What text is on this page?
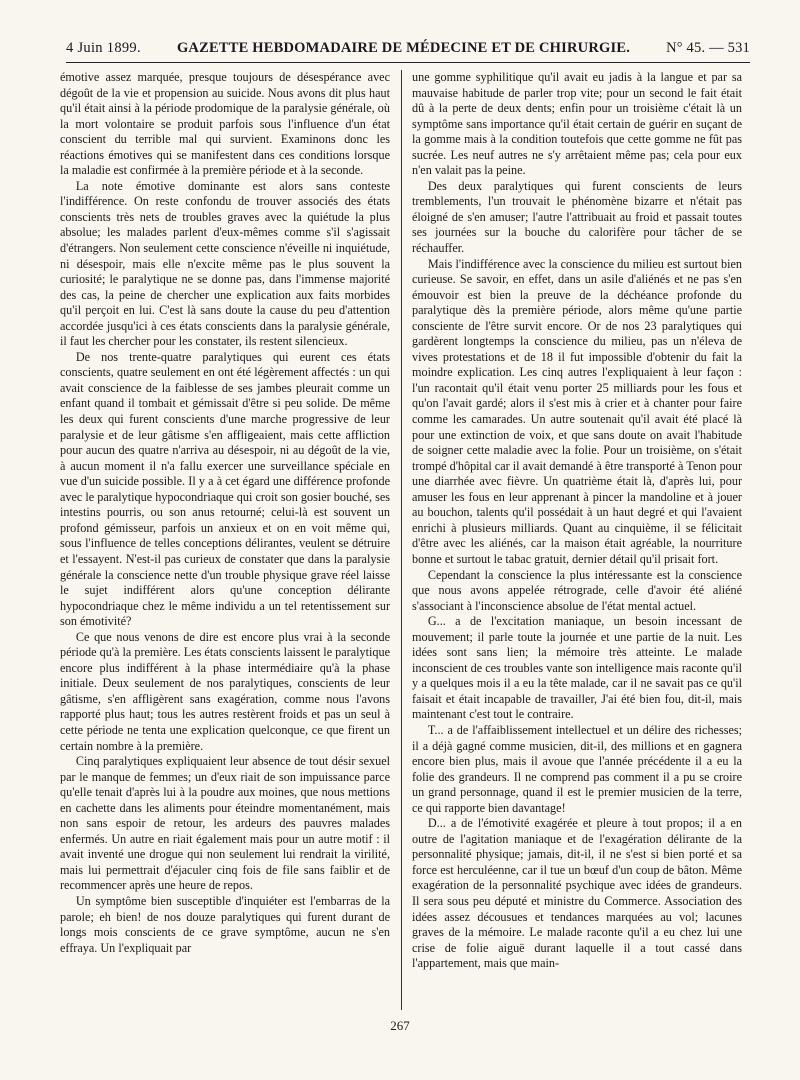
4 Juin 1899. GAZETTE HEBDOMADAIRE DE MÉDECINE ET DE CHIRURGIE. N° 45. — 531

émotive assez marquée, presque toujours de désespérance avec dégoût de la vie et propension au suicide. Nous avons dit plus haut qu'il était ainsi à la période prodomique de la paralysie générale, où la mort volontaire se produit parfois sous l'influence d'un état conscient du terrible mal qui survient. Examinons donc les réactions émotives qui se manifestent dans ces conditions lorsque la maladie est confirmée à la première période et à la seconde.

La note émotive dominante est alors sans conteste l'indifférence. On reste confondu de trouver associés des états conscients très nets de troubles graves avec la quiétude la plus absolue; les malades parlent d'eux-mêmes comme s'il s'agissait d'étrangers. Non seulement cette conscience n'éveille ni inquiétude, ni désespoir, mais elle n'excite même pas le plus souvent la curiosité; le paralytique ne se donne pas, dans l'immense majorité des cas, la peine de chercher une explication aux faits morbides qu'il perçoit en lui. C'est là sans doute la cause du peu d'attention accordée jusqu'ici à ces états conscients dans la paralysie générale, il faut les chercher pour les constater, ils restent silencieux.

De nos trente-quatre paralytiques qui eurent ces états conscients, quatre seulement en ont été légèrement affectés : un qui avait conscience de la faiblesse de ses jambes pleurait comme un enfant quand il tombait et gémissait d'être si peu solide. De même les deux qui furent conscients d'une marche progressive de leur paralysie et de leur gâtisme s'en affligeaient, mais cette affliction pour aucun des quatre n'arriva au désespoir, ni au dégoût de la vie, à aucun moment il n'a fallu exercer une surveillance spéciale en vue d'un suicide possible. Il y a à cet égard une différence profonde avec le paralytique hypocondriaque qui croit son gosier bouché, ses intestins pourris, ou son anus retourné; celui-là est souvent un profond gémisseur, parfois un anxieux et on en voit même qui, sous l'influence de telles conceptions délirantes, veulent se détruire et l'essayent. N'est-il pas curieux de constater que dans la paralysie générale la conscience nette d'un trouble physique grave réel laisse le sujet indifférent alors qu'une conception délirante hypocondriaque chez le même individu a un tel retentissement sur son émotivité?

Ce que nous venons de dire est encore plus vrai à la seconde période qu'à la première. Les états conscients laissent le paralytique encore plus indifférent à la phase intermédiaire qu'à la phase initiale. Deux seulement de nos paralytiques, conscients de leur gâtisme, s'en affligèrent sans exagération, comme nous l'avons rapporté plus haut; tous les autres restèrent froids et pas un seul à cette période ne tenta une explication quelconque, ce que firent un certain nombre à la première.

Cinq paralytiques expliquaient leur absence de tout désir sexuel par le manque de femmes; un d'eux riait de son impuissance parce qu'elle tenait d'après lui à la poudre aux moines, que nous mettions en cachette dans les aliments pour éteindre momentanément, mais non sans espoir de retour, les ardeurs des pauvres malades enfermés. Un autre en riait également mais pour un autre motif : il avait inventé une drogue qui non seulement lui rendrait la virilité, mais lui permettrait d'éjaculer cinq fois de file sans faiblir et de recommencer après une heure de repos.

Un symptôme bien susceptible d'inquiéter est l'embarras de la parole; eh bien! de nos douze paralytiques qui furent durant de longs mois conscients de ce grave symptôme, aucun ne s'en effraya. Un l'expliquait par

une gomme syphilitique qu'il avait eu jadis à la langue et par sa mauvaise habitude de parler trop vite; pour un second le fait était dû à la perte de deux dents; enfin pour un troisième c'était là un symptôme sans importance qu'il était certain de guérir en suçant de la gomme mais à la condition toutefois que cette gomme ne fût pas sucrée. Les neuf autres ne s'y arrêtaient même pas; cela pour eux n'en valait pas la peine.

Des deux paralytiques qui furent conscients de leurs tremblements, l'un trouvait le phénomène bizarre et n'était pas éloigné de s'en amuser; l'autre l'attribuait au froid et passait toutes ses journées sur la bouche du calorifère pour tâcher de se réchauffer.

Mais l'indifférence avec la conscience du milieu est surtout bien curieuse. Se savoir, en effet, dans un asile d'aliénés et ne pas s'en émouvoir est bien la preuve de la déchéance profonde du paralytique dès la première période, alors même qu'une partie consciente de l'être survit encore. Or de nos 23 paralytiques qui gardèrent longtemps la conscience du milieu, pas un n'éleva de vives protestations et de 18 il fut impossible d'obtenir du fait la moindre explication. Les cinq autres l'expliquaient à leur façon : l'un racontait qu'il était venu porter 25 milliards pour les fous et qu'on l'avait gardé; alors il s'est mis à crier et à chanter pour faire comme les camarades. Un autre soutenait qu'il avait été placé là pour une extinction de voix, et que sans doute on avait l'habitude de soigner cette maladie avec la folie. Pour un troisième, on s'était trompé d'hôpital car il avait demandé à être transporté à Tenon pour une diarrhée avec fièvre. Un quatrième était là, d'après lui, pour amuser les fous en leur apprenant à pincer la mandoline et à jouer au bouchon, talents qu'il possédait à un haut degré et qui l'avaient enrichi à plusieurs milliards. Quant au cinquième, il se félicitait d'être avec les aliénés, car la maison était agréable, la nourriture bonne et surtout le tabac gratuit, dernier détail qu'il prisait fort.

Cependant la conscience la plus intéressante est la conscience que nous avons appelée rétrograde, celle d'avoir été aliéné s'associant à l'inconscience absolue de l'état mental actuel.

G... a de l'excitation maniaque, un besoin incessant de mouvement; il parle toute la journée et une partie de la nuit. Les idées sont sans lien; la mémoire très atteinte. Le malade inconscient de ces troubles vante son intelligence mais raconte qu'il y a quelques mois il a eu la tête malade, car il ne savait pas ce qu'il faisait et était incapable de travailler, J'ai été bien fou, dit-il, mais maintenant c'est tout le contraire.

T... a de l'affaiblissement intellectuel et un délire des richesses; il a déjà gagné comme musicien, dit-il, des millions et en gagnera encore bien plus, mais il avoue que l'année précédente il a eu la folie des grandeurs. Il ne comprend pas comment il a pu se croire un grand personnage, quand il est le premier musicien de la terre, ce qui rapporte bien davantage!

D... a de l'émotivité exagérée et pleure à tout propos; il a en outre de l'agitation maniaque et de l'exagération délirante de la personnalité physique; jamais, dit-il, il ne s'est si bien porté et sa force est herculéenne, car il tue un bœuf d'un coup de bâton. Même exagération de la personnalité psychique avec idées de grandeurs. Il sera sous peu député et ministre du Commerce. Association des idées assez décousues et tendances marquées au vol; lacunes graves de la mémoire. Le malade raconte qu'il a eu chez lui une crise de folie aiguë durant laquelle il a tout cassé dans l'appartement, mais que main-

267
